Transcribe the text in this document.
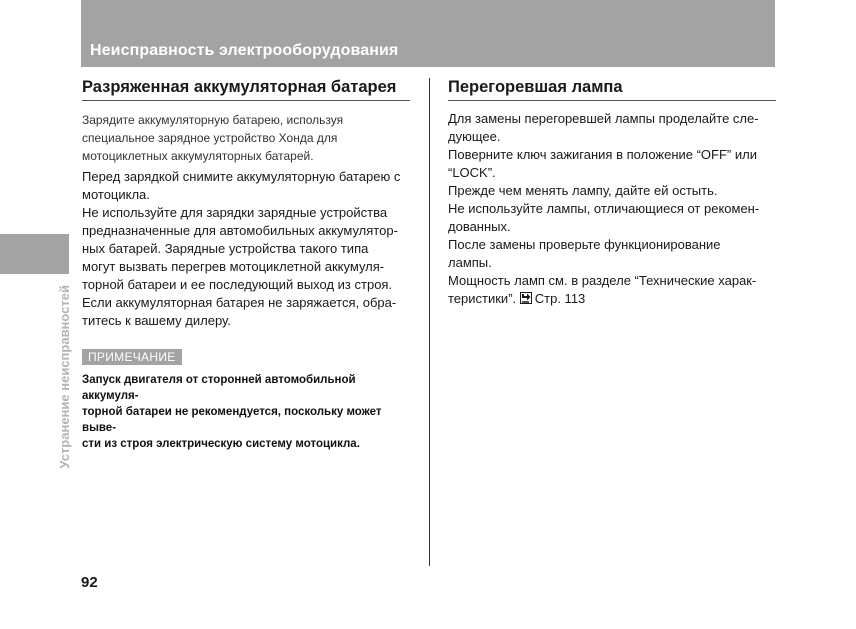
Неисправность электрооборудования
Устранение неисправностей
Разряженная аккумуляторная батарея

Зарядите аккумуляторную батарею, используя
специальное зарядное устройство Хонда для
мотоциклетных аккумуляторных батарей.

Перед зарядкой снимите аккумуляторную батарею с
мотоцикла.
Не используйте для зарядки зарядные устройства
предназначенные для автомобильных аккумулятор-
ных батарей. Зарядные устройства такого типа
могут вызвать перегрев мотоциклетной аккумуля-
торной батареи и ее последующий выход из строя.
Если аккумуляторная батарея не заряжается, обра-
титесь к вашему дилеру.

ПРИМЕЧАНИЕ

Запуск двигателя от сторонней автомобильной аккумуля-
торной батареи не рекомендуется, поскольку может выве-
сти из строя электрическую систему мотоцикла.

Перегоревшая лампа

Для замены перегоревшей лампы проделайте сле-
дующее.
Поверните ключ зажигания в положение “OFF” или
“LOCK”.
Прежде чем менять лампу, дайте ей остыть.
Не используйте лампы, отличающиеся от рекомен-
дованных.
После замены проверьте функционирование
лампы.
Мощность ламп см. в разделе “Технические харак-
теристики”. Стр. 113

92
